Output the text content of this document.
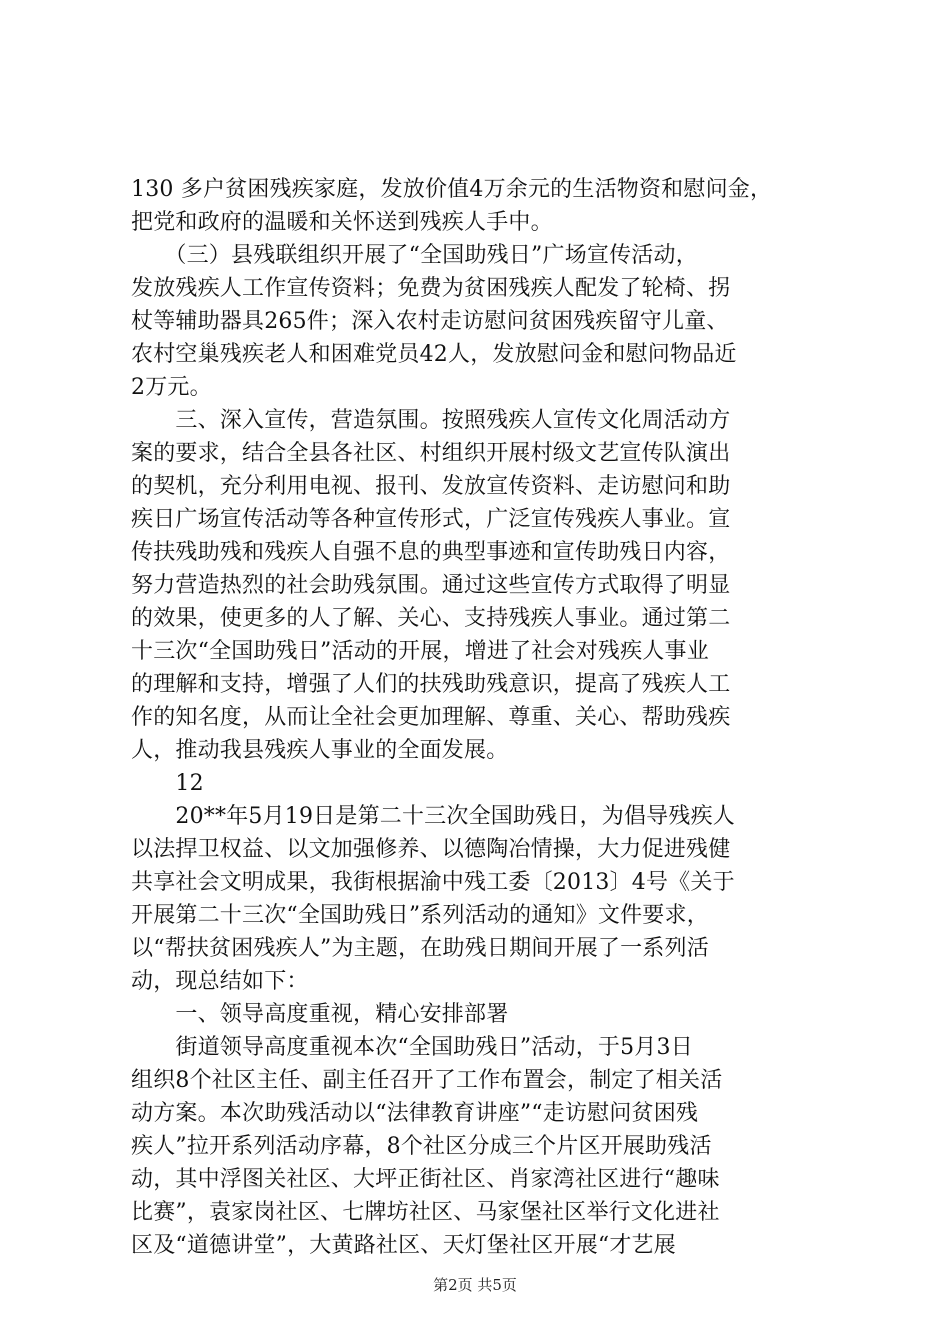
130 多户贫困残疾家庭，发放价值4万余元的生活物资和慰问金，
把党和政府的温暖和关怀送到残疾人手中。
　　（三）县残联组织开展了“全国助残日”广场宣传活动，
发放残疾人工作宣传资料；免费为贫困残疾人配发了轮椅、拐
杖等辅助器具265件；深入农村走访慰问贫困残疾留守儿童、
农村空巢残疾老人和困难党员42人，发放慰问金和慰问物品近
2万元。
　　三、深入宣传，营造氛围。按照残疾人宣传文化周活动方
案的要求，结合全县各社区、村组织开展村级文艺宣传队演出
的契机，充分利用电视、报刊、发放宣传资料、走访慰问和助
疾日广场宣传活动等各种宣传形式，广泛宣传残疾人事业。宣
传扶残助残和残疾人自强不息的典型事迹和宣传助残日内容，
努力营造热烈的社会助残氛围。通过这些宣传方式取得了明显
的效果，使更多的人了解、关心、支持残疾人事业。通过第二
十三次“全国助残日”活动的开展，增进了社会对残疾人事业
的理解和支持，增强了人们的扶残助残意识，提高了残疾人工
作的知名度，从而让全社会更加理解、尊重、关心、帮助残疾
人，推动我县残疾人事业的全面发展。
　　12
　　20**年5月19日是第二十三次全国助残日，为倡导残疾人
以法捍卫权益、以文加强修养、以德陶冶情操，大力促进残健
共享社会文明成果，我街根据渝中残工委〔2013〕4号《关于
开展第二十三次“全国助残日”系列活动的通知》文件要求，
以“帮扶贫困残疾人”为主题，在助残日期间开展了一系列活
动，现总结如下：
　　一、领导高度重视，精心安排部署
　　街道领导高度重视本次“全国助残日”活动，于5月3日
组织8个社区主任、副主任召开了工作布置会，制定了相关活
动方案。本次助残活动以“法律教育讲座”“走访慰问贫困残
疾人”拉开系列活动序幕，8个社区分成三个片区开展助残活
动，其中浮图关社区、大坪正街社区、肖家湾社区进行“趣味
比赛”，袁家岗社区、七牌坊社区、马家堡社区举行文化进社
区及“道德讲堂”，大黄路社区、天灯堡社区开展“才艺展
第2页 共5页
